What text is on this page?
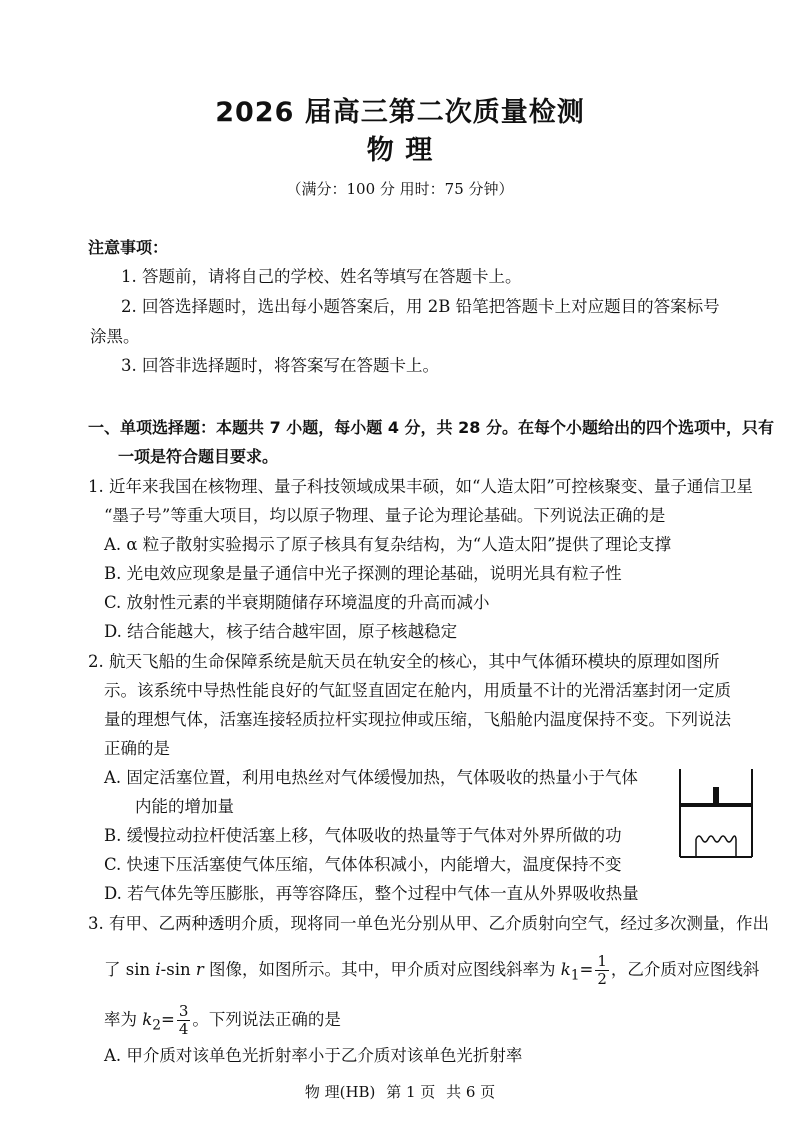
2026 届高三第二次质量检测
物 理
（满分：100 分 用时：75 分钟）
注意事项：
1. 答题前，请将自己的学校、姓名等填写在答题卡上。
2. 回答选择题时，选出每小题答案后，用 2B 铅笔把答题卡上对应题目的答案标号
涂黑。
3. 回答非选择题时，将答案写在答题卡上。
一、单项选择题：本题共 7 小题，每小题 4 分，共 28 分。在每个小题给出的四个选项中，只有
一项是符合题目要求。
1. 近年来我国在核物理、量子科技领域成果丰硕，如“人造太阳”可控核聚变、量子通信卫星
“墨子号”等重大项目，均以原子物理、量子论为理论基础。下列说法正确的是
A. α 粒子散射实验揭示了原子核具有复杂结构，为“人造太阳”提供了理论支撑
B. 光电效应现象是量子通信中光子探测的理论基础，说明光具有粒子性
C. 放射性元素的半衰期随储存环境温度的升高而减小
D. 结合能越大，核子结合越牢固，原子核越稳定
2. 航天飞船的生命保障系统是航天员在轨安全的核心，其中气体循环模块的原理如图所
示。该系统中导热性能良好的气缸竖直固定在舱内，用质量不计的光滑活塞封闭一定质
量的理想气体，活塞连接轻质拉杆实现拉伸或压缩，飞船舱内温度保持不变。下列说法
正确的是
A. 固定活塞位置，利用电热丝对气体缓慢加热，气体吸收的热量小于气体
内能的增加量
B. 缓慢拉动拉杆使活塞上移，气体吸收的热量等于气体对外界所做的功
C. 快速下压活塞使气体压缩，气体体积减小，内能增大，温度保持不变
D. 若气体先等压膨胀，再等容降压，整个过程中气体一直从外界吸收热量
3. 有甲、乙两种透明介质，现将同一单色光分别从甲、乙介质射向空气，经过多次测量，作出
了 sin i-sin r 图像，如图所示。其中，甲介质对应图线斜率为 $k_1= \frac{1}{2}$ ，乙介质对应图线斜
率为 $k_2= \frac{3}{4}$ 。下列说法正确的是
A. 甲介质对该单色光折射率小于乙介质对该单色光折射率
物 理(HB) 第 1 页 共 6 页
